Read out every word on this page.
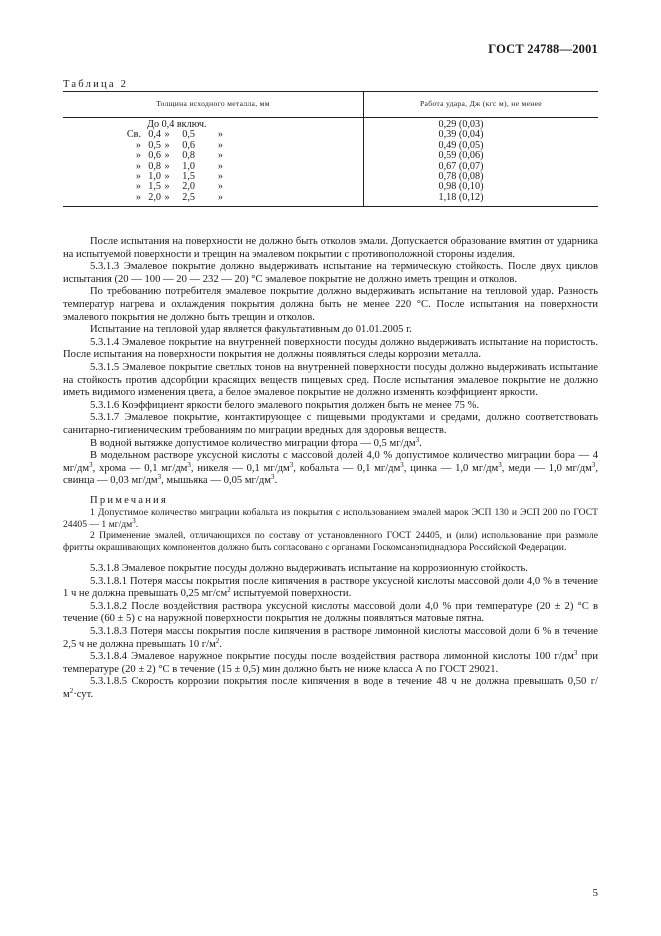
ГОСТ 24788—2001
Таблица 2
Толщина исходного металла, мм	Работа удара, Дж (кгс м), не менее
До 0,4 включ.	0,29 (0,03)
Св. 0,4 » 0,5 »	0,39 (0,04)
» 0,5 » 0,6 »	0,49 (0,05)
» 0,6 » 0,8 »	0,59 (0,06)
» 0,8 » 1,0 »	0,67 (0,07)
» 1,0 » 1,5 »	0,78 (0,08)
» 1,5 » 2,0 »	0,98 (0,10)
» 2,0 » 2,5 »	1,18 (0,12)

После испытания на поверхности не должно быть отколов эмали. Допускается образование вмятин от ударника на испытуемой поверхности и трещин на эмалевом покрытии с противоположной стороны изделия.

5.3.1.3 Эмалевое покрытие должно выдерживать испытание на термическую стойкость. После двух циклов испытания (20 — 100 — 20 — 232 — 20) °С эмалевое покрытие не должно иметь трещин и отколов.

По требованию потребителя эмалевое покрытие должно выдерживать испытание на тепловой удар. Разность температур нагрева и охлаждения покрытия должна быть не менее 220 °С. После испытания на поверхности эмалевого покрытия не должно быть трещин и отколов.

Испытание на тепловой удар является факультативным до 01.01.2005 г.

5.3.1.4 Эмалевое покрытие на внутренней поверхности посуды должно выдерживать испытание на пористость. После испытания на поверхности покрытия не должны появляться следы коррозии металла.

5.3.1.5 Эмалевое покрытие светлых тонов на внутренней поверхности посуды должно выдерживать испытание на стойкость против адсорбции красящих веществ пищевых сред. После испытания эмалевое покрытие не должно иметь видимого изменения цвета, а белое эмалевое покрытие не должно изменять коэффициент яркости.

5.3.1.6 Коэффициент яркости белого эмалевого покрытия должен быть не менее 75 %.

5.3.1.7 Эмалевое покрытие, контактирующее с пищевыми продуктами и средами, должно соответствовать санитарно-гигиеническим требованиям по миграции вредных для здоровья веществ.

В водной вытяжке допустимое количество миграции фтора — 0,5 $мг/дм^3$.

В модельном растворе уксусной кислоты с массовой долей 4,0 % допустимое количество миграции бора — 4 $мг/дм^3$, хрома — 0,1 $мг/дм^3$, никеля — 0,1 $мг/дм^3$, кобальта — 0,1 $мг/дм^3$, цинка — 1,0 $мг/дм^3$, меди — 1,0 $мг/дм^3$, свинца — 0,03 $мг/дм^3$, мышьяка — 0,05 $мг/дм^3$.

Примечания

1 Допустимое количество миграции кобальта из покрытия с использованием эмалей марок ЭСП 130 и ЭСП 200 по ГОСТ 24405 — 1 $мг/дм^3$.

2 Применение эмалей, отличающихся по составу от установленного ГОСТ 24405, и (или) использование при размоле фритты окрашивающих компонентов должно быть согласовано с органами Госкомсанэпиднадзора Российской Федерации.

5.3.1.8 Эмалевое покрытие посуды должно выдерживать испытание на коррозионную стойкость.

5.3.1.8.1 Потеря массы покрытия после кипячения в растворе уксусной кислоты массовой доли 4,0 % в течение 1 ч не должна превышать 0,25 $мг/см^2$ испытуемой поверхности.

5.3.1.8.2 После воздействия раствора уксусной кислоты массовой доли 4,0 % при температуре (20 ± 2) °С в течение (60 ± 5) с на наружной поверхности покрытия не должны появляться матовые пятна.

5.3.1.8.3 Потеря массы покрытия после кипячения в растворе лимонной кислоты массовой доли 6 % в течение 2,5 ч не должна превышать 10 $г/м^2$.

5.3.1.8.4 Эмалевое наружное покрытие посуды после воздействия раствора лимонной кислоты 100 $г/дм^3$ при температуре (20 ± 2) °С в течение (15 ± 0,5) мин должно быть не ниже класса А по ГОСТ 29021.

5.3.1.8.5 Скорость коррозии покрытия после кипячения в воде в течение 48 ч не должна превышать 0,50 $г/м^2\cdot сут$.

5
